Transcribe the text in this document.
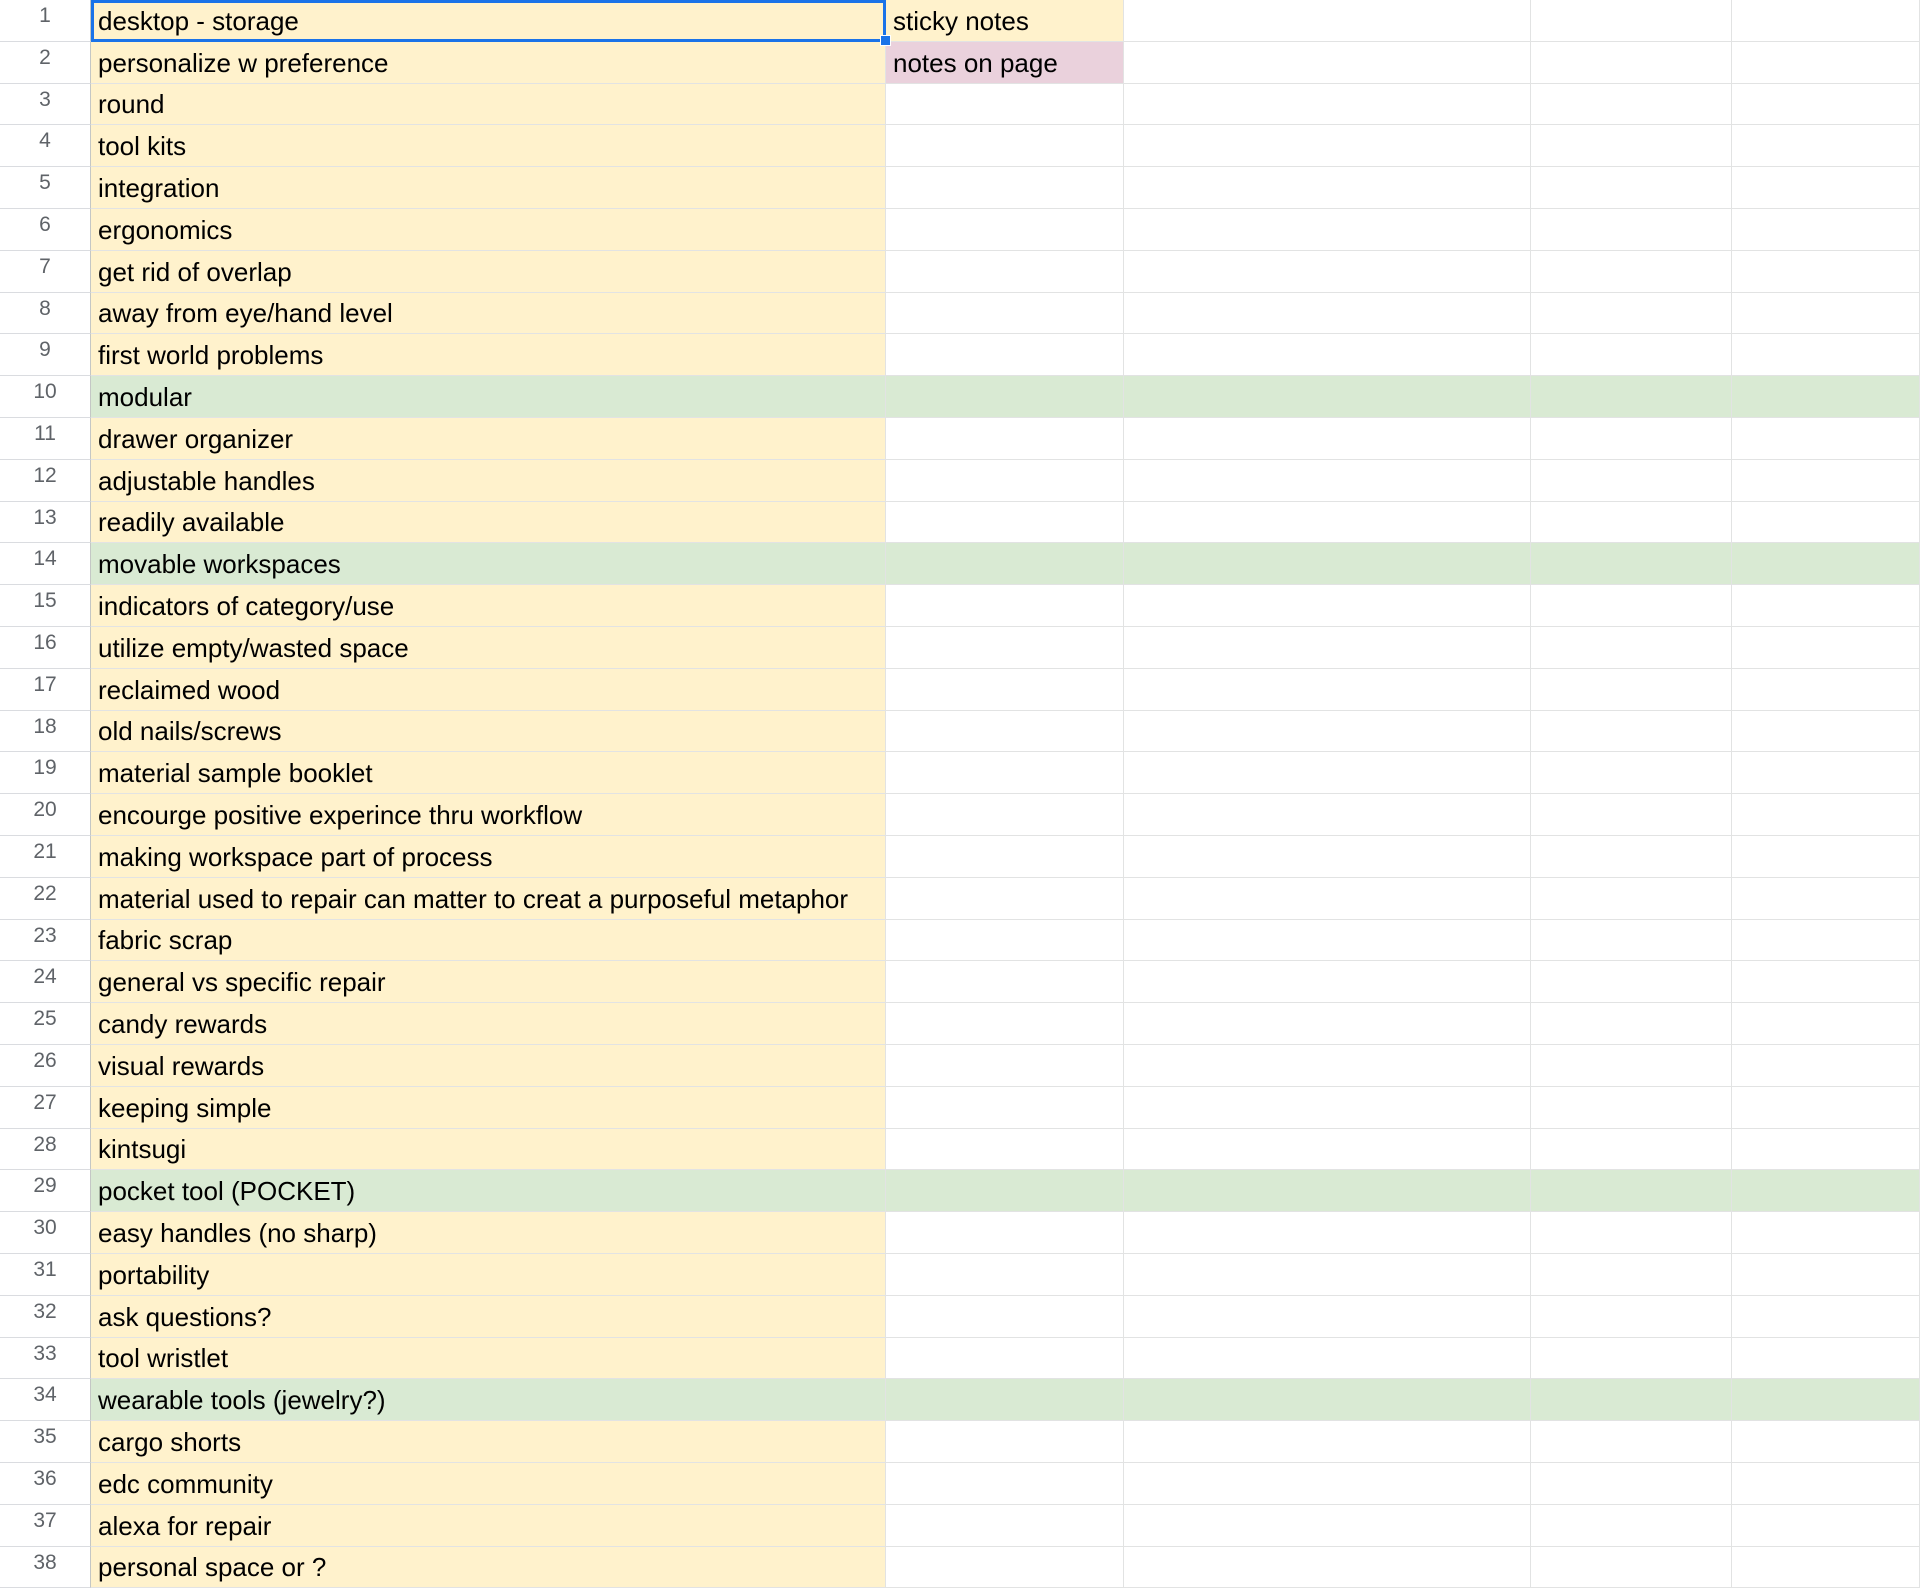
1	desktop - storage	sticky notes
2	personalize w preference	notes on page
3	round
4	tool kits
5	integration
6	ergonomics
7	get rid of overlap
8	away from eye/hand level
9	first world problems
10	modular
11	drawer organizer
12	adjustable handles
13	readily available
14	movable workspaces
15	indicators of category/use
16	utilize empty/wasted space
17	reclaimed wood
18	old nails/screws
19	material sample booklet
20	encourge positive experince thru workflow
21	making workspace part of process
22	material used to repair can matter to creat a purposeful metaphor
23	fabric scrap
24	general vs specific repair
25	candy rewards
26	visual rewards
27	keeping simple
28	kintsugi
29	pocket tool (POCKET)
30	easy handles (no sharp)
31	portability
32	ask questions?
33	tool wristlet
34	wearable tools (jewelry?)
35	cargo shorts
36	edc community
37	alexa for repair
38	personal space or ?
